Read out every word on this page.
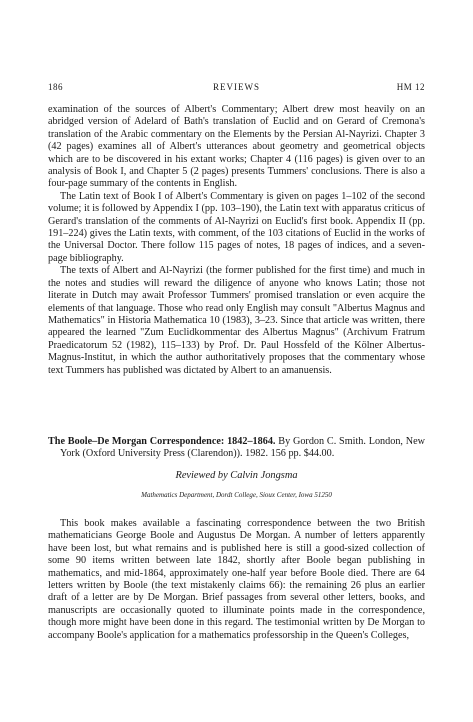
186	REVIEWS	HM 12

examination of the sources of Albert's Commentary; Albert drew most heavily on an abridged version of Adelard of Bath's translation of Euclid and on Gerard of Cremona's translation of the Arabic commentary on the Elements by the Persian Al-Nayrizi. Chapter 3 (42 pages) examines all of Albert's utterances about geometry and geometrical objects which are to be discovered in his extant works; Chapter 4 (116 pages) is given over to an analysis of Book I, and Chapter 5 (2 pages) presents Tummers' conclusions. There is also a four-page summary of the contents in English.

The Latin text of Book I of Albert's Commentary is given on pages 1–102 of the second volume; it is followed by Appendix I (pp. 103–190), the Latin text with apparatus criticus of Gerard's translation of the comments of Al-Nayrizi on Euclid's first book. Appendix II (pp. 191–224) gives the Latin texts, with comment, of the 103 citations of Euclid in the works of the Universal Doctor. There follow 115 pages of notes, 18 pages of indices, and a seven-page bibliography.

The texts of Albert and Al-Nayrizi (the former published for the first time) and much in the notes and studies will reward the diligence of anyone who knows Latin; those not literate in Dutch may await Professor Tummers' promised translation or even acquire the elements of that language. Those who read only English may consult "Albertus Magnus and Mathematics" in Historia Mathematica 10 (1983), 3–23. Since that article was written, there appeared the learned "Zum Euclidkommentar des Albertus Magnus" (Archivum Fratrum Praedicatorum 52 (1982), 115–133) by Prof. Dr. Paul Hossfeld of the Kölner Albertus-Magnus-Institut, in which the author authoritatively proposes that the commentary whose text Tummers has published was dictated by Albert to an amanuensis.

The Boole–De Morgan Correspondence: 1842–1864. By Gordon C. Smith. London, New York (Oxford University Press (Clarendon)). 1982. 156 pp. $44.00.

Reviewed by Calvin Jongsma
Mathematics Department, Dordt College, Sioux Center, Iowa 51250

This book makes available a fascinating correspondence between the two British mathematicians George Boole and Augustus De Morgan. A number of letters apparently have been lost, but what remains and is published here is still a good-sized collection of some 90 items written between late 1842, shortly after Boole began publishing in mathematics, and mid-1864, approximately one-half year before Boole died. There are 64 letters written by Boole (the text mistakenly claims 66): the remaining 26 plus an earlier draft of a letter are by De Morgan. Brief passages from several other letters, books, and manuscripts are occasionally quoted to illuminate points made in the correspondence, though more might have been done in this regard. The testimonial written by De Morgan to accompany Boole's application for a mathematics professorship in the Queen's Colleges,
